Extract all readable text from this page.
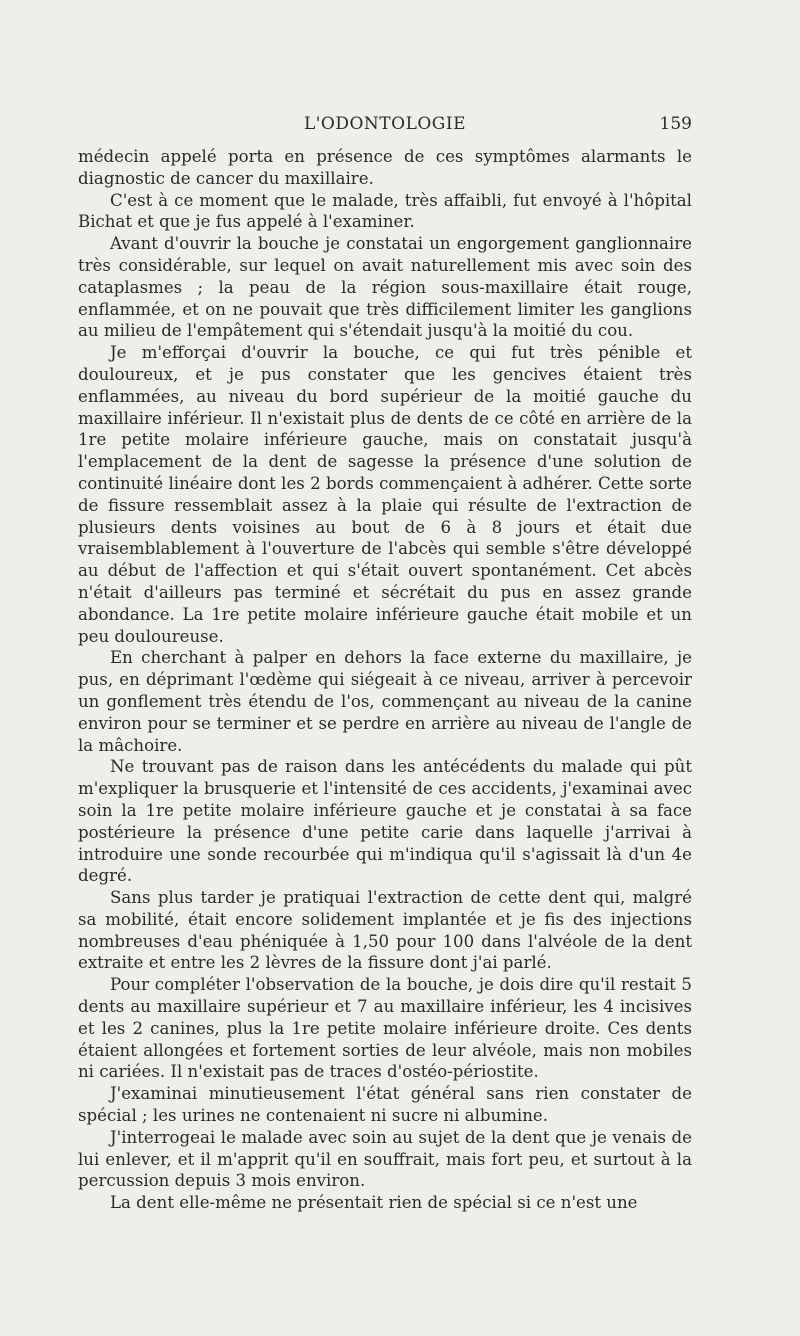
L'ODONTOLOGIE	159

médecin appelé porta en présence de ces symptômes alarmants le diagnostic de cancer du maxillaire.

C'est à ce moment que le malade, très affaibli, fut envoyé à l'hôpital Bichat et que je fus appelé à l'examiner.

Avant d'ouvrir la bouche je constatai un engorgement ganglionnaire très considérable, sur lequel on avait naturellement mis avec soin des cataplasmes ; la peau de la région sous-maxillaire était rouge, enflammée, et on ne pouvait que très difficilement limiter les ganglions au milieu de l'empâtement qui s'étendait jusqu'à la moitié du cou.

Je m'efforçai d'ouvrir la bouche, ce qui fut très pénible et douloureux, et je pus constater que les gencives étaient très enflammées, au niveau du bord supérieur de la moitié gauche du maxillaire inférieur. Il n'existait plus de dents de ce côté en arrière de la 1re petite molaire inférieure gauche, mais on constatait jusqu'à l'emplacement de la dent de sagesse la présence d'une solution de continuité linéaire dont les 2 bords commençaient à adhérer. Cette sorte de fissure ressemblait assez à la plaie qui résulte de l'extraction de plusieurs dents voisines au bout de 6 à 8 jours et était due vraisemblablement à l'ouverture de l'abcès qui semble s'être développé au début de l'affection et qui s'était ouvert spontanément. Cet abcès n'était d'ailleurs pas terminé et sécrétait du pus en assez grande abondance. La 1re petite molaire inférieure gauche était mobile et un peu douloureuse.

En cherchant à palper en dehors la face externe du maxillaire, je pus, en déprimant l'œdème qui siégeait à ce niveau, arriver à percevoir un gonflement très étendu de l'os, commençant au niveau de la canine environ pour se terminer et se perdre en arrière au niveau de l'angle de la mâchoire.

Ne trouvant pas de raison dans les antécédents du malade qui pût m'expliquer la brusquerie et l'intensité de ces accidents, j'examinai avec soin la 1re petite molaire inférieure gauche et je constatai à sa face postérieure la présence d'une petite carie dans laquelle j'arrivai à introduire une sonde recourbée qui m'indiqua qu'il s'agissait là d'un 4e degré.

Sans plus tarder je pratiquai l'extraction de cette dent qui, malgré sa mobilité, était encore solidement implantée et je fis des injections nombreuses d'eau phéniquée à 1,50 pour 100 dans l'alvéole de la dent extraite et entre les 2 lèvres de la fissure dont j'ai parlé.

Pour compléter l'observation de la bouche, je dois dire qu'il restait 5 dents au maxillaire supérieur et 7 au maxillaire inférieur, les 4 incisives et les 2 canines, plus la 1re petite molaire inférieure droite. Ces dents étaient allongées et fortement sorties de leur alvéole, mais non mobiles ni cariées. Il n'existait pas de traces d'ostéo-périostite.

J'examinai minutieusement l'état général sans rien constater de spécial ; les urines ne contenaient ni sucre ni albumine.

J'interrogeai le malade avec soin au sujet de la dent que je venais de lui enlever, et il m'apprit qu'il en souffrait, mais fort peu, et surtout à la percussion depuis 3 mois environ.

La dent elle-même ne présentait rien de spécial si ce n'est une
